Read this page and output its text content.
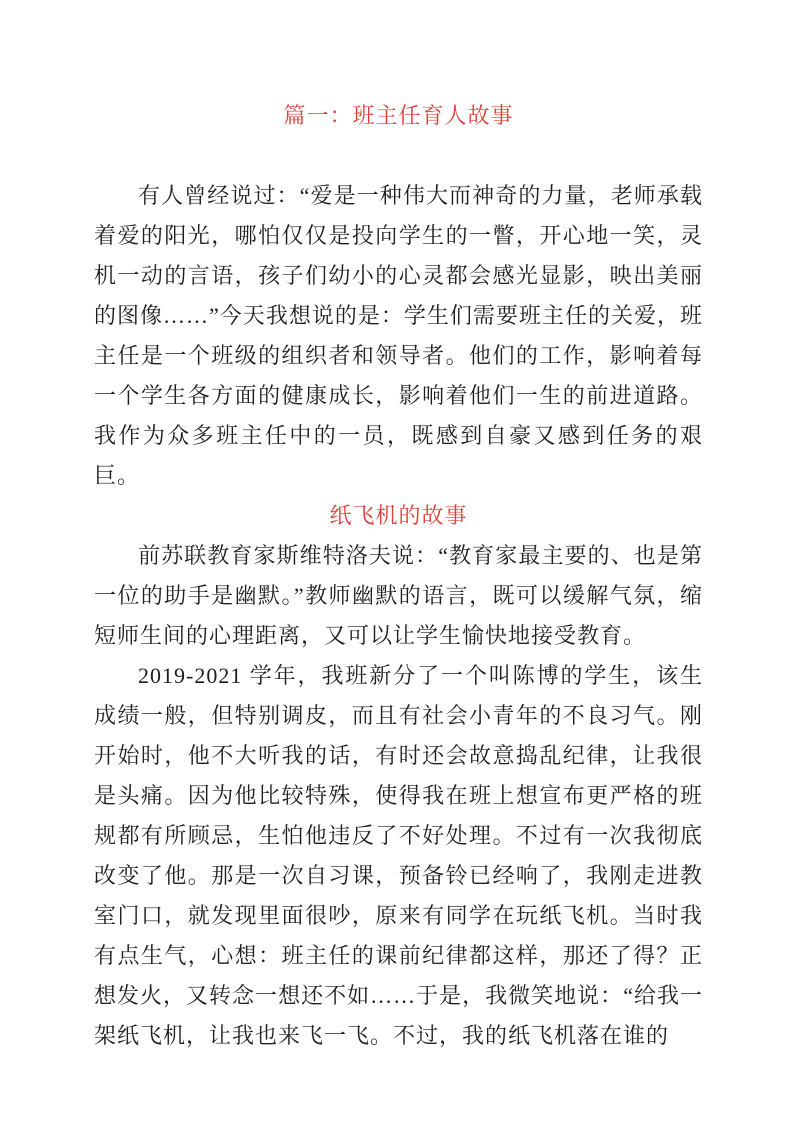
篇一：班主任育人故事

有人曾经说过：“爱是一种伟大而神奇的力量，老师承载着爱的阳光，哪怕仅仅是投向学生的一瞥，开心地一笑，灵机一动的言语，孩子们幼小的心灵都会感光显影，映出美丽的图像……”今天我想说的是：学生们需要班主任的关爱，班主任是一个班级的组织者和领导者。他们的工作，影响着每一个学生各方面的健康成长，影响着他们一生的前进道路。我作为众多班主任中的一员，既感到自豪又感到任务的艰巨。

纸飞机的故事

前苏联教育家斯维特洛夫说：“教育家最主要的、也是第一位的助手是幽默。”教师幽默的语言，既可以缓解气氛，缩短师生间的心理距离，又可以让学生愉快地接受教育。

2019-2021 学年，我班新分了一个叫陈博的学生，该生成绩一般，但特别调皮，而且有社会小青年的不良习气。刚开始时，他不大听我的话，有时还会故意捣乱纪律，让我很是头痛。因为他比较特殊，使得我在班上想宣布更严格的班规都有所顾忌，生怕他违反了不好处理。不过有一次我彻底改变了他。那是一次自习课，预备铃已经响了，我刚走进教室门口，就发现里面很吵，原来有同学在玩纸飞机。当时我有点生气，心想：班主任的课前纪律都这样，那还了得？正想发火，又转念一想还不如……于是，我微笑地说：“给我一架纸飞机，让我也来飞一飞。不过，我的纸飞机落在谁的
